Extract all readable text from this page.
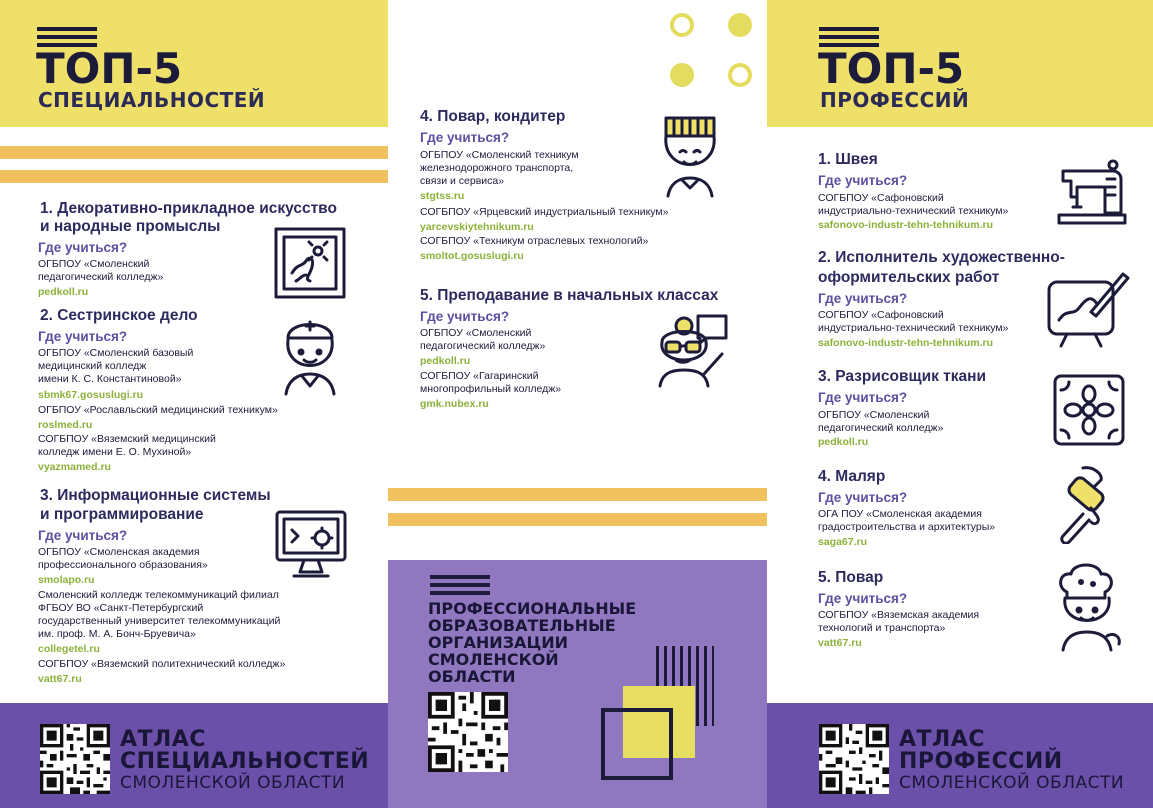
ТОП-5
СПЕЦИАЛЬНОСТЕЙ
1. Декоративно-прикладное искусство
и народные промыслы
Где учиться?
ОГБПОУ «Смоленский
педагогический колледж»
pedkoll.ru
2. Сестринское дело
Где учиться?
ОГБПОУ «Смоленский базовый
медицинский колледж
имени К. С. Константиновой»
sbmk67.gosuslugi.ru
ОГБПОУ «Рославльский медицинский техникум»
roslmed.ru
СОГБПОУ «Вяземский медицинский
колледж имени Е. О. Мухиной»
vyazmamed.ru
3. Информационные системы
и программирование
Где учиться?
ОГБПОУ «Смоленская академия
профессионального образования»
smolapo.ru
Смоленский колледж телекоммуникаций филиал
ФГБОУ ВО «Санкт-Петербургский
государственный университет телекоммуникаций
им. проф. М. А. Бонч-Бруевича»
collegetel.ru
СОГБПОУ «Вяземский политехнический колледж»
vatt67.ru
АТЛАС
СПЕЦИАЛЬНОСТЕЙ
СМОЛЕНСКОЙ ОБЛАСТИ
4. Повар, кондитер
Где учиться?
ОГБПОУ «Смоленский техникум
железнодорожного транспорта,
связи и сервиса»
stgtss.ru
СОГБПОУ «Ярцевский индустриальный техникум»
yarcevskiytehnikum.ru
СОГБПОУ «Техникум отраслевых технологий»
smoltot.gosuslugi.ru
5. Преподавание в начальных классах
Где учиться?
ОГБПОУ «Смоленский
педагогический колледж»
pedkoll.ru
СОГБПОУ «Гагаринский
многопрофильный колледж»
gmk.nubex.ru
ПРОФЕССИОНАЛЬНЫЕ
ОБРАЗОВАТЕЛЬНЫЕ
ОРГАНИЗАЦИИ
СМОЛЕНСКОЙ
ОБЛАСТИ
ТОП-5
ПРОФЕССИЙ
1. Швея
Где учиться?
СОГБПОУ «Сафоновский
индустриально-технический техникум»
safonovo-industr-tehn-tehnikum.ru
2. Исполнитель художественно-
оформительских работ
Где учиться?
СОГБПОУ «Сафоновский
индустриально-технический техникум»
safonovo-industr-tehn-tehnikum.ru
3. Разрисовщик ткани
Где учиться?
ОГБПОУ «Смоленский
педагогический колледж»
pedkoll.ru
4. Маляр
Где учиться?
ОГА ПОУ «Смоленская академия
градостроительства и архитектуры»
saga67.ru
5. Повар
Где учиться?
СОГБПОУ «Вяземская академия
технологий и транспорта»
vatt67.ru
АТЛАС
ПРОФЕССИЙ
СМОЛЕНСКОЙ ОБЛАСТИ
